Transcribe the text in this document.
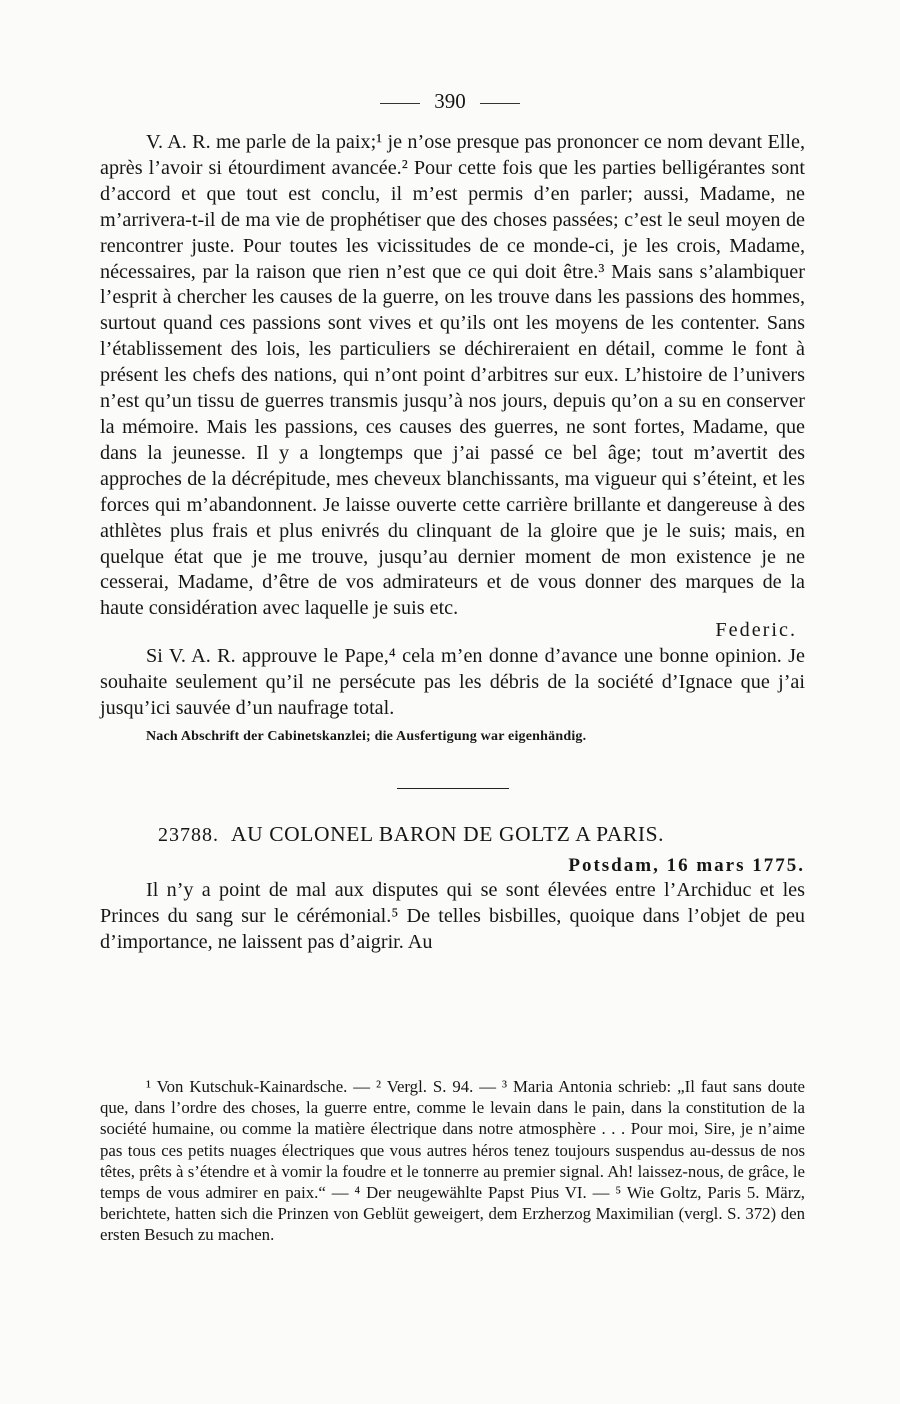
390

V. A. R. me parle de la paix;¹ je n’ose presque pas prononcer ce nom devant Elle, après l’avoir si étourdiment avancée.² Pour cette fois que les parties belligérantes sont d’accord et que tout est conclu, il m’est permis d’en parler; aussi, Madame, ne m’arrivera-t-il de ma vie de prophétiser que des choses passées; c’est le seul moyen de rencontrer juste. Pour toutes les vicissitudes de ce monde-ci, je les crois, Madame, nécessaires, par la raison que rien n’est que ce qui doit être.³ Mais sans s’alambiquer l’esprit à chercher les causes de la guerre, on les trouve dans les passions des hommes, surtout quand ces passions sont vives et qu’ils ont les moyens de les contenter. Sans l’établissement des lois, les particuliers se déchireraient en détail, comme le font à présent les chefs des nations, qui n’ont point d’arbitres sur eux. L’histoire de l’univers n’est qu’un tissu de guerres transmis jusqu’à nos jours, depuis qu’on a su en conserver la mémoire. Mais les passions, ces causes des guerres, ne sont fortes, Madame, que dans la jeunesse. Il y a longtemps que j’ai passé ce bel âge; tout m’avertit des approches de la décrépitude, mes cheveux blanchissants, ma vigueur qui s’éteint, et les forces qui m’abandonnent. Je laisse ouverte cette carrière brillante et dangereuse à des athlètes plus frais et plus enivrés du clinquant de la gloire que je le suis; mais, en quelque état que je me trouve, jusqu’au dernier moment de mon existence je ne cesserai, Madame, d’être de vos admirateurs et de vous donner des marques de la haute considération avec laquelle je suis etc.

Federic.

Si V. A. R. approuve le Pape,⁴ cela m’en donne d’avance une bonne opinion. Je souhaite seulement qu’il ne persécute pas les débris de la société d’Ignace que j’ai jusqu’ici sauvée d’un naufrage total.

Nach Abschrift der Cabinetskanzlei; die Ausfertigung war eigenhändig.

23788. AU COLONEL BARON DE GOLTZ A PARIS.

Potsdam, 16 mars 1775.

Il n’y a point de mal aux disputes qui se sont élevées entre l’Archiduc et les Princes du sang sur le cérémonial.⁵ De telles bisbilles, quoique dans l’objet de peu d’importance, ne laissent pas d’aigrir. Au

¹ Von Kutschuk-Kainardsche. — ² Vergl. S. 94. — ³ Maria Antonia schrieb: „Il faut sans doute que, dans l’ordre des choses, la guerre entre, comme le levain dans le pain, dans la constitution de la société humaine, ou comme la matière électrique dans notre atmosphère . . . Pour moi, Sire, je n’aime pas tous ces petits nuages électriques que vous autres héros tenez toujours suspendus au-dessus de nos têtes, prêts à s’étendre et à vomir la foudre et le tonnerre au premier signal. Ah! laissez-nous, de grâce, le temps de vous admirer en paix.“ — ⁴ Der neugewählte Papst Pius VI. — ⁵ Wie Goltz, Paris 5. März, berichtete, hatten sich die Prinzen von Geblüt geweigert, dem Erzherzog Maximilian (vergl. S. 372) den ersten Besuch zu machen.
